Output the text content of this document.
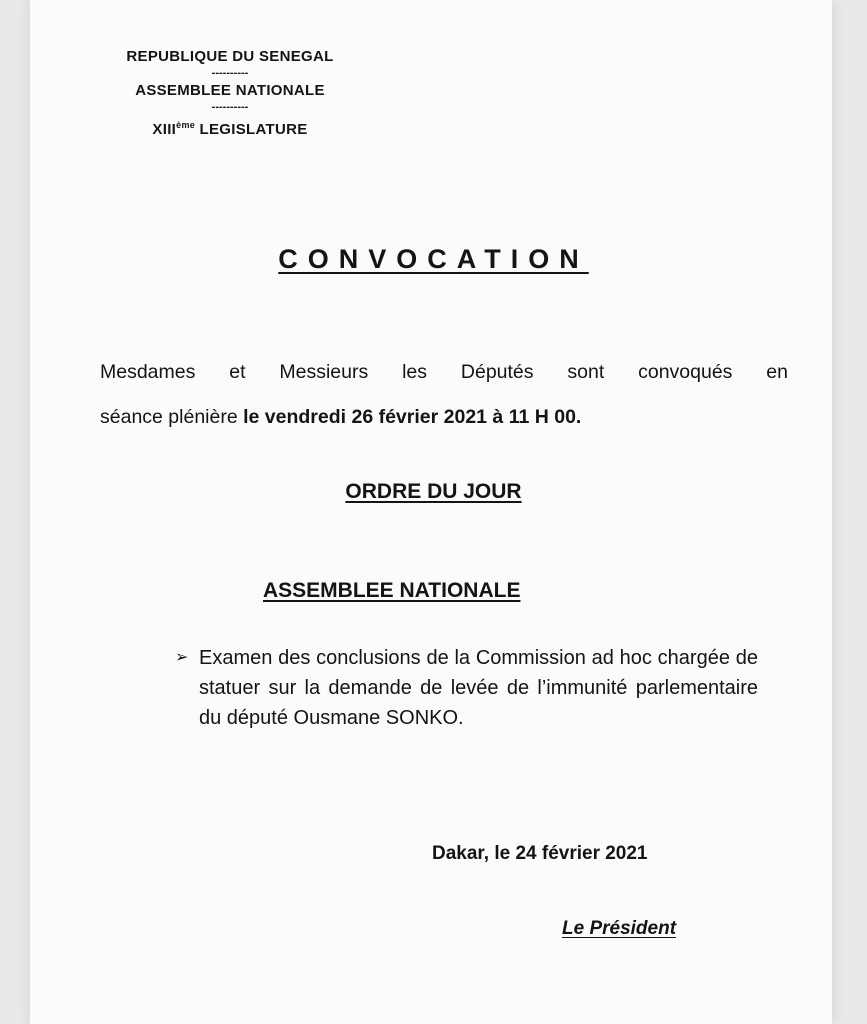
REPUBLIQUE DU SENEGAL
----------
ASSEMBLEE NATIONALE
----------
XIIIème LEGISLATURE
CONVOCATION
Mesdames et Messieurs les Députés sont convoqués en
séance plénière le vendredi 26 février 2021 à 11 H 00.
ORDRE DU JOUR
ASSEMBLEE NATIONALE
➢ Examen des conclusions de la Commission ad hoc chargée de statuer sur la demande de levée de l’immunité parlementaire du député Ousmane SONKO.
Dakar, le 24 février 2021
Le Président
